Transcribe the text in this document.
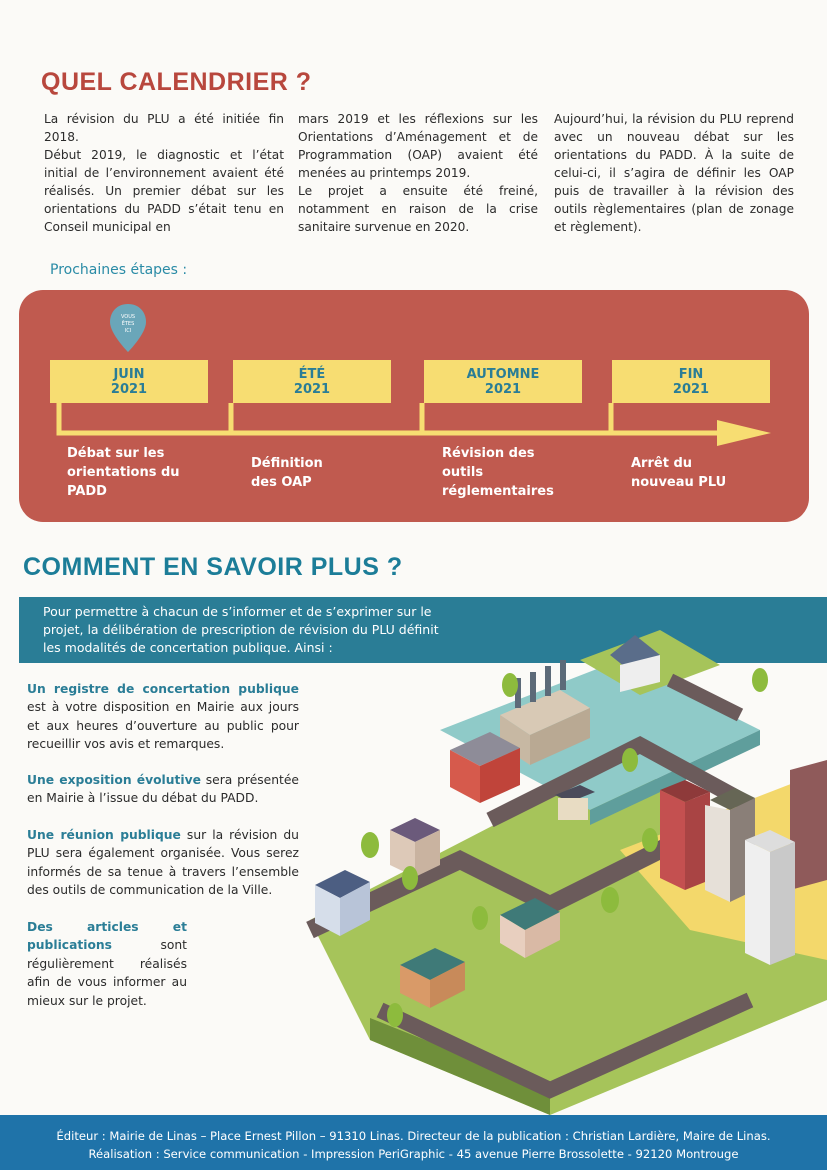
QUEL CALENDRIER ?

La révision du PLU a été initiée fin 2018.

Début 2019, le diagnostic et l’état initial de l’environnement avaient été réalisés. Un premier débat sur les orientations du PADD s’était tenu en Conseil municipal en

mars 2019 et les réflexions sur les Orientations d’Aménagement et de Programmation (OAP) avaient été menées au printemps 2019.

Le projet a ensuite été freiné, notamment en raison de la crise sanitaire survenue en 2020.

Aujourd’hui, la révision du PLU reprend avec un nouveau débat sur les orientations du PADD. À la suite de celui-ci, il s’agira de définir les OAP puis de travailler à la révision des outils règlementaires (plan de zonage et règlement).

Prochaines étapes :
VOUS
ÊTES
ICI
JUIN
2021
ÉTÉ
2021
AUTOMNE
2021
FIN
2021
Débat sur les orientations du PADD
Définition des OAP
Révision des outils réglementaires
Arrêt du nouveau PLU
COMMENT EN SAVOIR PLUS ?
Pour permettre à chacun de s’informer et de s’exprimer sur le projet, la délibération de prescription de révision du PLU définit les modalités de concertation publique. Ainsi :
Un registre de concertation publique est à votre disposition en Mairie aux jours et aux heures d’ouverture au public pour recueillir vos avis et remarques.
Une exposition évolutive sera présentée en Mairie à l’issue du débat du PADD.
Une réunion publique sur la révision du PLU sera également organisée. Vous serez informés de sa tenue à travers l’ensemble des outils de communication de la Ville.
Des articles et publications sont régulièrement réalisés afin de vous informer au mieux sur le projet.
Éditeur : Mairie de Linas – Place Ernest Pillon – 91310 Linas. Directeur de la publication : Christian Lardière, Maire de Linas.
Réalisation : Service communication - Impression PeriGraphic - 45 avenue Pierre Brossolette - 92120 Montrouge
